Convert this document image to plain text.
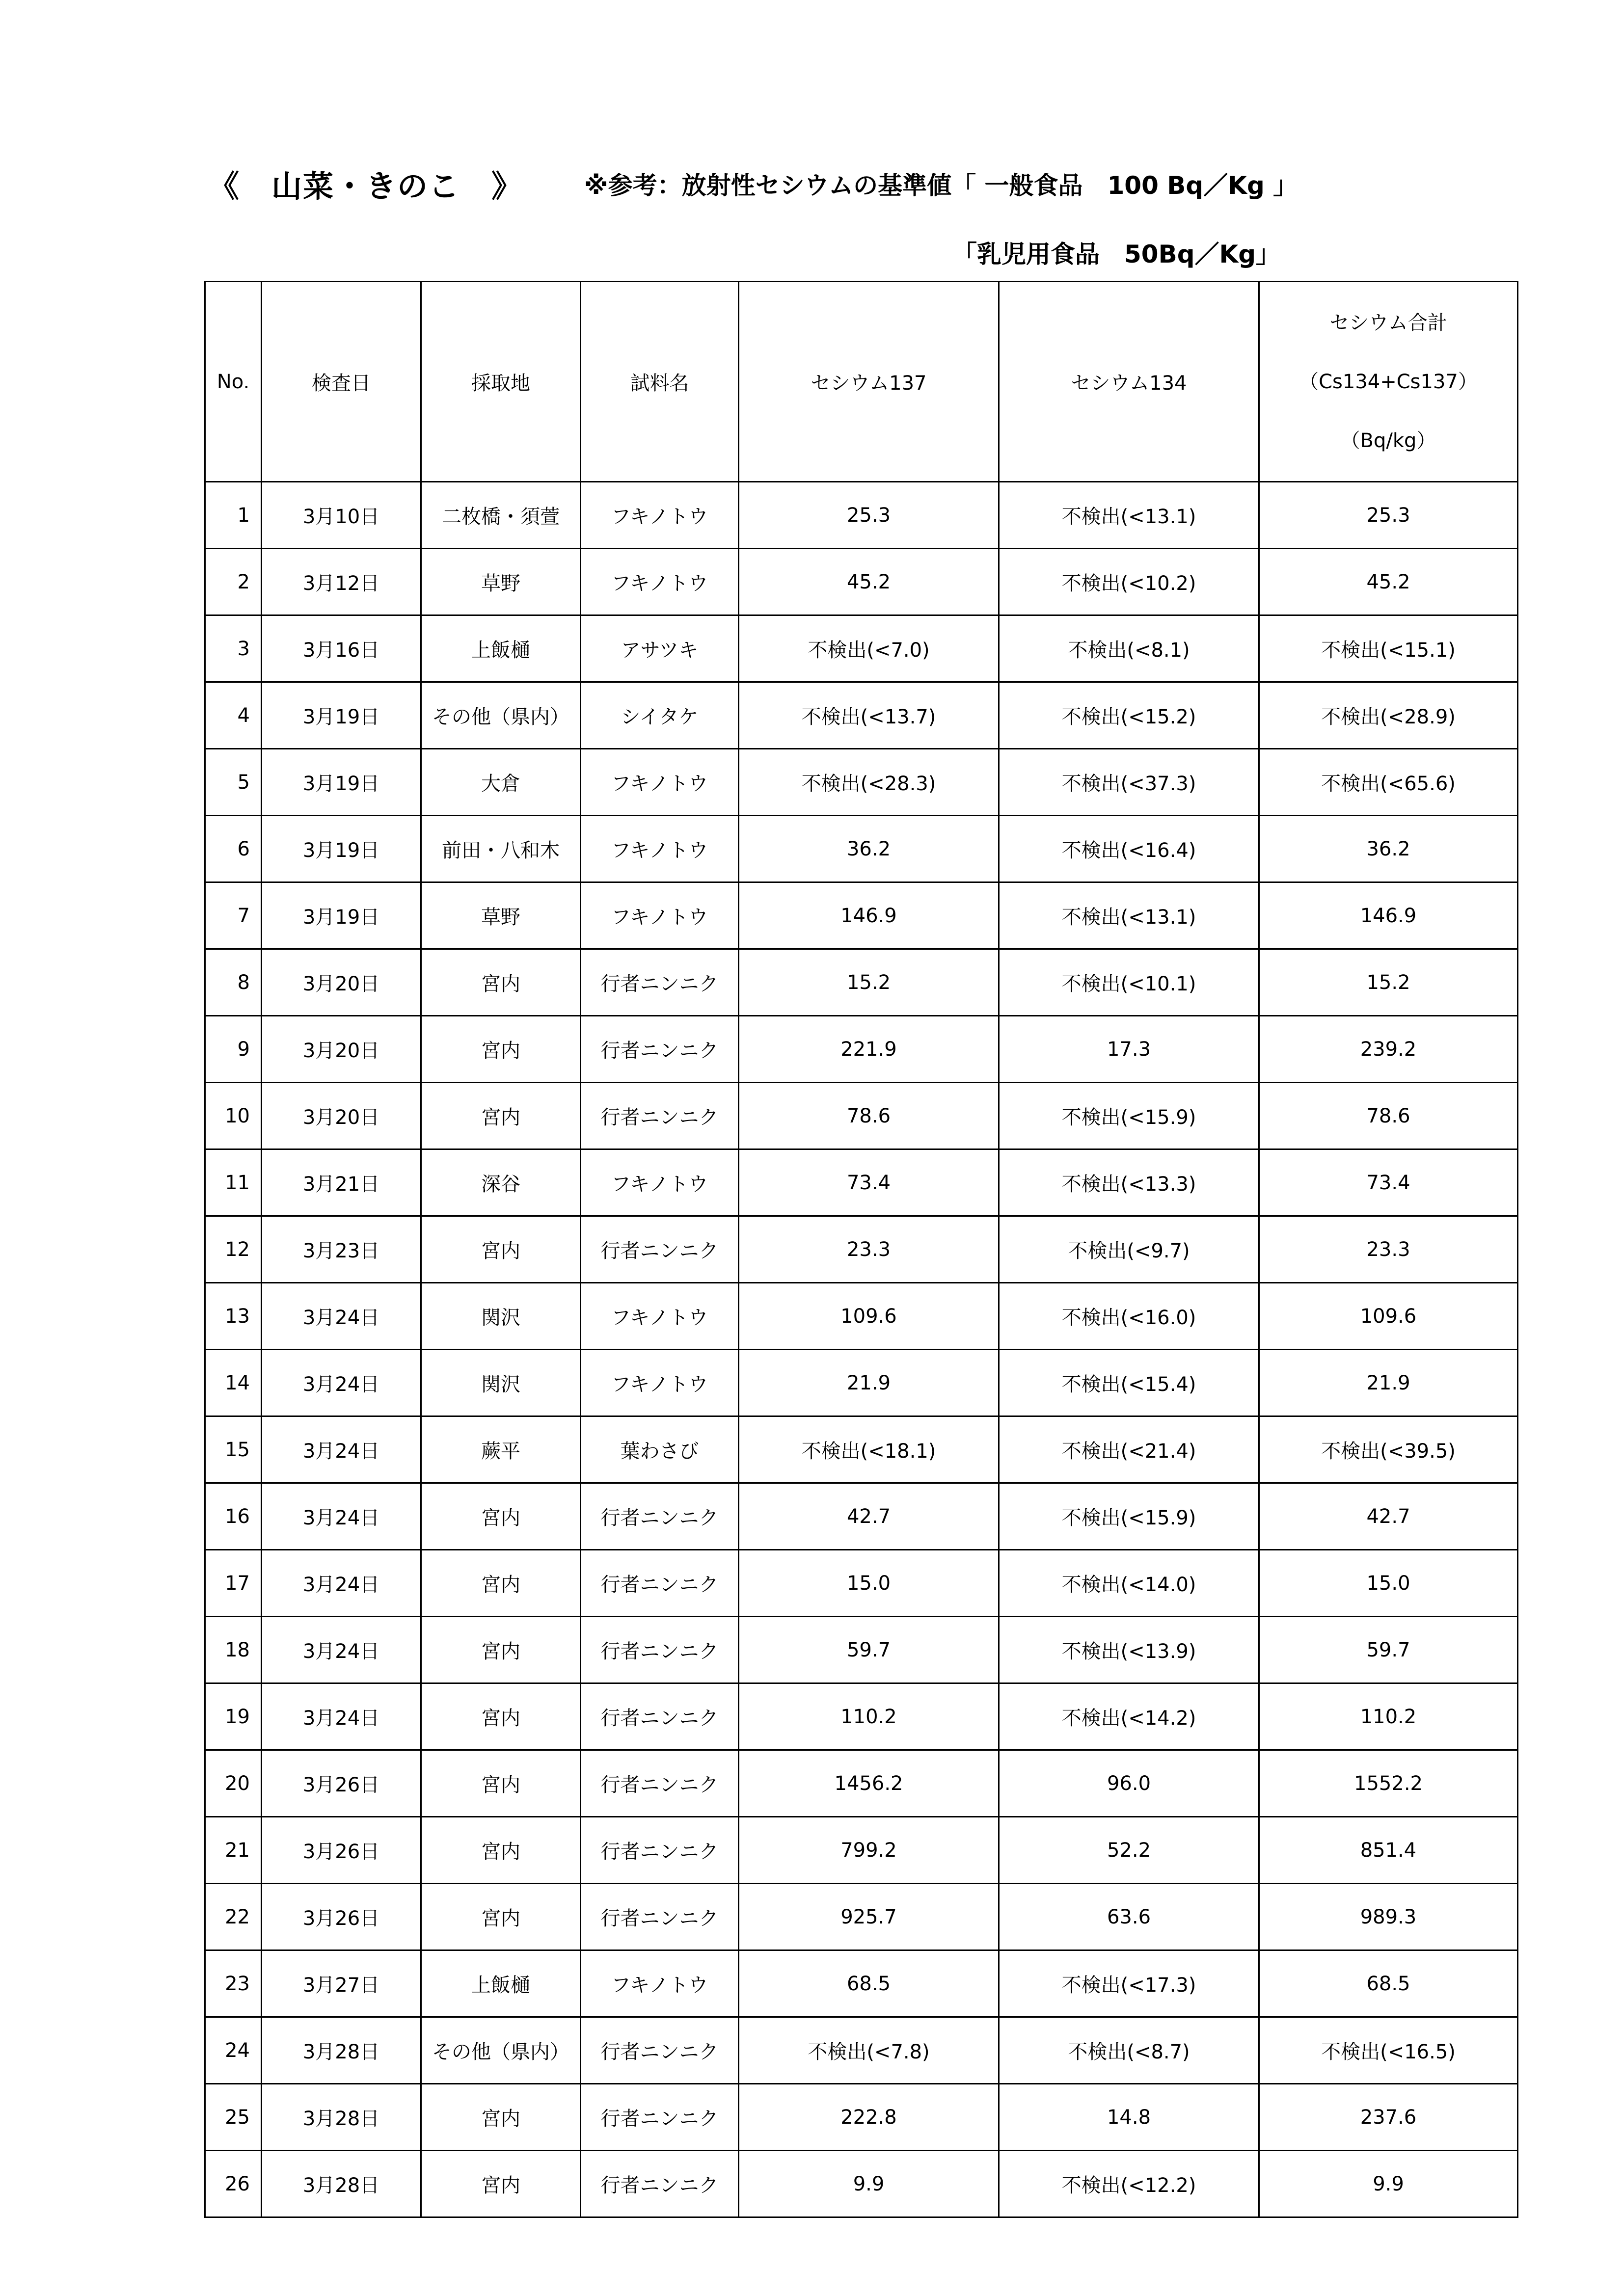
《　山菜・きのこ　》 ※参考：放射性セシウムの基準値「 一般食品　100 Bq／Kg 」
「乳児用食品　50Bq／Kg」
No.	検査日	採取地	試料名	セシウム137	セシウム134	セシウム合計
（Cs134+Cs137）
（Bq/kg）

1	3月10日	二枚橋・須萱	フキノトウ	25.3	不検出(<13.1)	25.3
2	3月12日	草野	フキノトウ	45.2	不検出(<10.2)	45.2
3	3月16日	上飯樋	アサツキ	不検出(<7.0)	不検出(<8.1)	不検出(<15.1)
4	3月19日	その他（県内）	シイタケ	不検出(<13.7)	不検出(<15.2)	不検出(<28.9)
5	3月19日	大倉	フキノトウ	不検出(<28.3)	不検出(<37.3)	不検出(<65.6)
6	3月19日	前田・八和木	フキノトウ	36.2	不検出(<16.4)	36.2
7	3月19日	草野	フキノトウ	146.9	不検出(<13.1)	146.9
8	3月20日	宮内	行者ニンニク	15.2	不検出(<10.1)	15.2
9	3月20日	宮内	行者ニンニク	221.9	17.3	239.2
10	3月20日	宮内	行者ニンニク	78.6	不検出(<15.9)	78.6
11	3月21日	深谷	フキノトウ	73.4	不検出(<13.3)	73.4
12	3月23日	宮内	行者ニンニク	23.3	不検出(<9.7)	23.3
13	3月24日	関沢	フキノトウ	109.6	不検出(<16.0)	109.6
14	3月24日	関沢	フキノトウ	21.9	不検出(<15.4)	21.9
15	3月24日	蕨平	葉わさび	不検出(<18.1)	不検出(<21.4)	不検出(<39.5)
16	3月24日	宮内	行者ニンニク	42.7	不検出(<15.9)	42.7
17	3月24日	宮内	行者ニンニク	15.0	不検出(<14.0)	15.0
18	3月24日	宮内	行者ニンニク	59.7	不検出(<13.9)	59.7
19	3月24日	宮内	行者ニンニク	110.2	不検出(<14.2)	110.2
20	3月26日	宮内	行者ニンニク	1456.2	96.0	1552.2
21	3月26日	宮内	行者ニンニク	799.2	52.2	851.4
22	3月26日	宮内	行者ニンニク	925.7	63.6	989.3
23	3月27日	上飯樋	フキノトウ	68.5	不検出(<17.3)	68.5
24	3月28日	その他（県内）	行者ニンニク	不検出(<7.8)	不検出(<8.7)	不検出(<16.5)
25	3月28日	宮内	行者ニンニク	222.8	14.8	237.6
26	3月28日	宮内	行者ニンニク	9.9	不検出(<12.2)	9.9
